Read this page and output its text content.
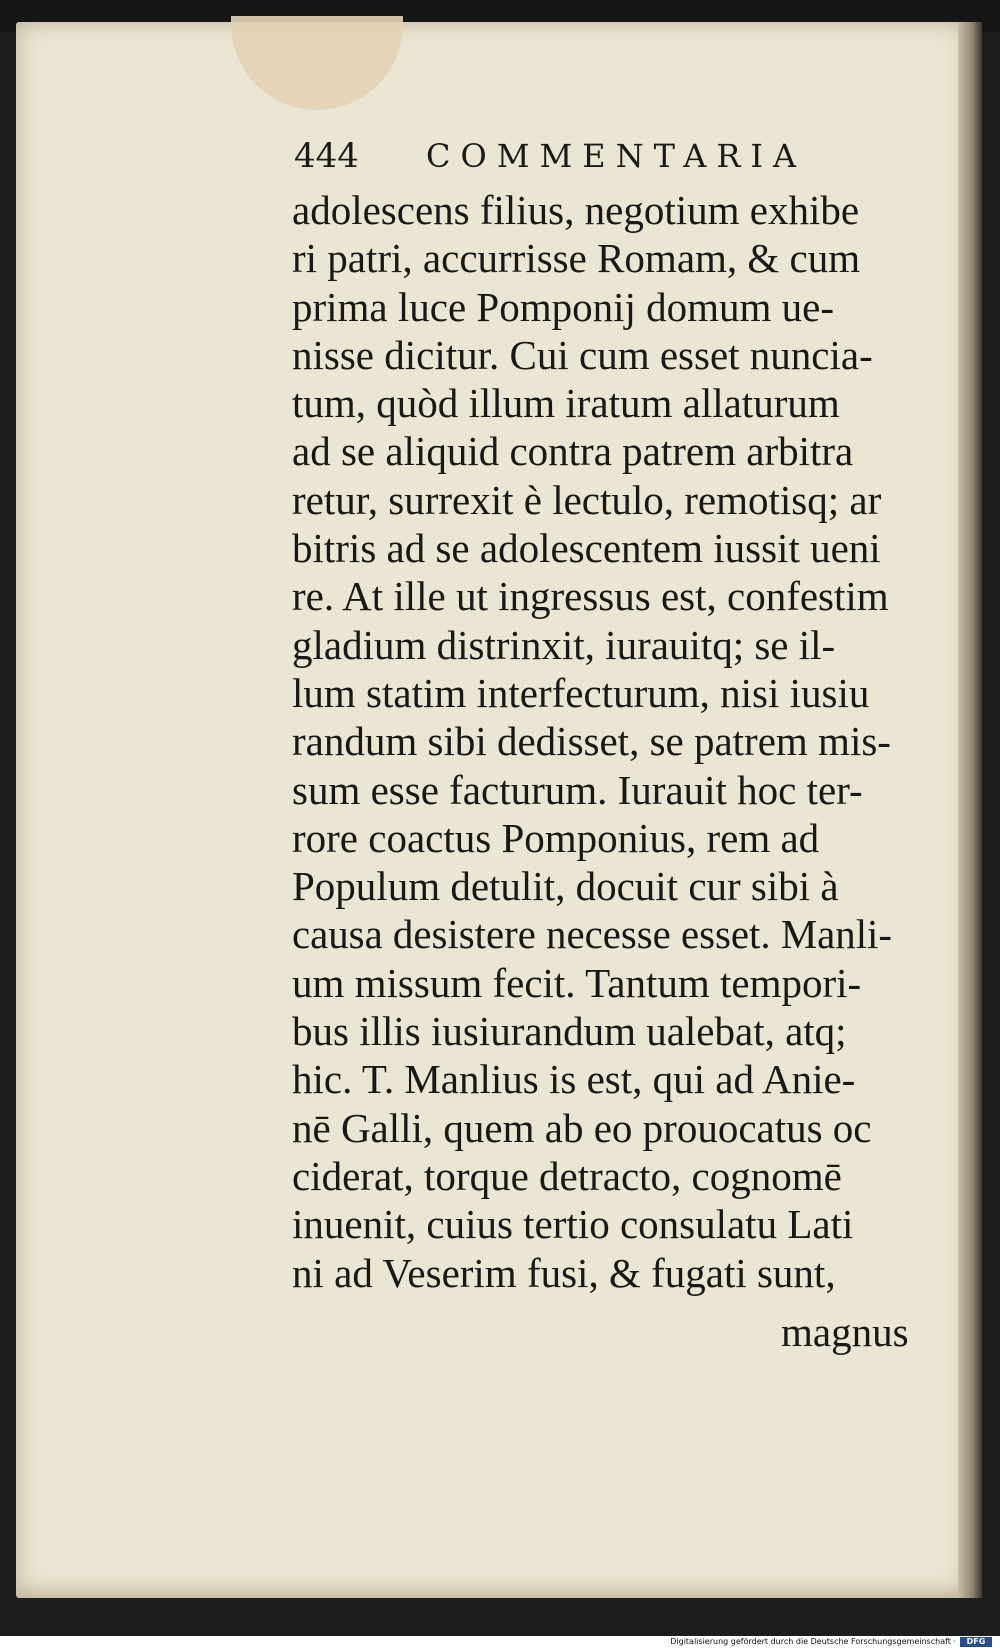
444 COMMENTARIA
adolescens filius, negotium exhibe
ri patri, accurrisse Romam, & cum
prima luce Pomponij domum ue-
nisse dicitur. Cui cum esset nuncia-
tum, quòd illum iratum allaturum
ad se aliquid contra patrem arbitra
retur, surrexit è lectulo, remotisq; ar
bitris ad se adolescentem iussit ueni
re. At ille ut ingressus est, confestim
gladium distrinxit, iurauitq; se il-
lum statim interfecturum, nisi iusiu
randum sibi dedisset, se patrem mis-
sum esse facturum. Iurauit hoc ter-
rore coactus Pomponius, rem ad
Populum detulit, docuit cur sibi à
causa desistere necesse esset. Manli-
um missum fecit. Tantum tempori-
bus illis iusiurandum ualebat, atq;
hic. T. Manlius is est, qui ad Anie-
nē Galli, quem ab eo prouocatus oc
ciderat, torque detracto, cognomē
inuenit, cuius tertio consulatu Lati
ni ad Veserim fusi, & fugati sunt,
magnus
Digitalisierung gefördert durch die Deutsche Forschungsgemeinschaft ·	DFG
